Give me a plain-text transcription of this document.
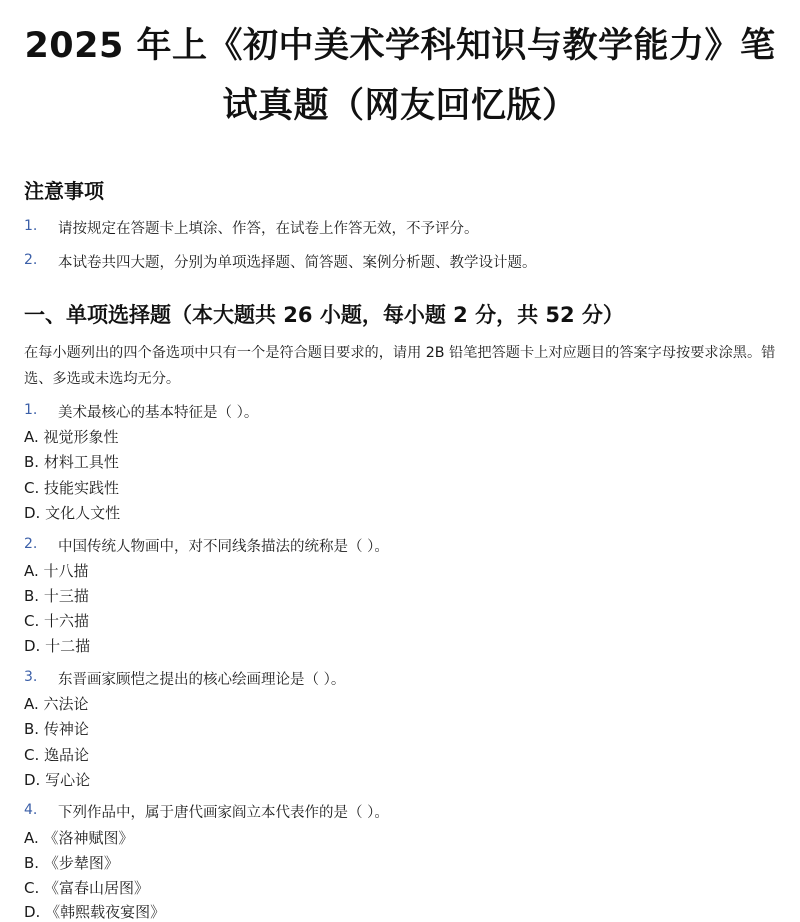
2025 年上《初中美术学科知识与教学能力》笔
试真题（网友回忆版）
注意事项
1. 请按规定在答题卡上填涂、作答，在试卷上作答无效，不予评分。
2. 本试卷共四大题，分别为单项选择题、简答题、案例分析题、教学设计题。
一、单项选择题（本大题共 26 小题，每小题 2 分，共 52 分）
在每小题列出的四个备选项中只有一个是符合题目要求的，请用 2B 铅笔把答题卡上对应题目的答案字母按要求涂黑。错选、多选或未选均无分。
1. 美术最核心的基本特征是（ ）。
A. 视觉形象性
B. 材料工具性
C. 技能实践性
D. 文化人文性
2. 中国传统人物画中，对不同线条描法的统称是（ ）。
A. 十八描
B. 十三描
C. 十六描
D. 十二描
3. 东晋画家顾恺之提出的核心绘画理论是（ ）。
A. 六法论
B. 传神论
C. 逸品论
D. 写心论
4. 下列作品中，属于唐代画家阎立本代表作的是（ ）。
A. 《洛神赋图》
B. 《步辇图》
C. 《富春山居图》
D. 《韩熙载夜宴图》
